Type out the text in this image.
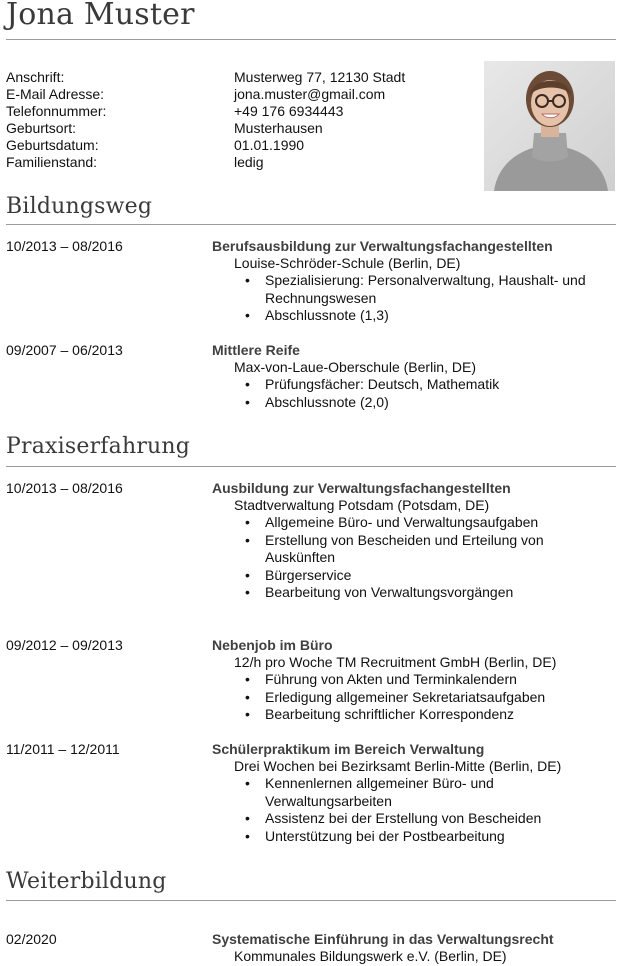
Jona Muster
Anschrift:	Musterweg 77, 12130 Stadt
E-Mail Adresse:	jona.muster@gmail.com
Telefonnummer:	+49 176 6934443
Geburtsort:	Musterhausen
Geburtsdatum:	01.01.1990
Familienstand:	ledig
Bildungsweg
10/2013 – 08/2016	Berufsausbildung zur Verwaltungsfachangestellten
Louise-Schröder-Schule (Berlin, DE)
• Spezialisierung: Personalverwaltung, Haushalt- und Rechnungswesen
• Abschlussnote (1,3)
09/2007 – 06/2013	Mittlere Reife
Max-von-Laue-Oberschule (Berlin, DE)
• Prüfungsfächer: Deutsch, Mathematik
• Abschlussnote (2,0)
Praxiserfahrung
10/2013 – 08/2016	Ausbildung zur Verwaltungsfachangestellten
Stadtverwaltung Potsdam (Potsdam, DE)
• Allgemeine Büro- und Verwaltungsaufgaben
• Erstellung von Bescheiden und Erteilung von Auskünften
• Bürgerservice
• Bearbeitung von Verwaltungsvorgängen
09/2012 – 09/2013	Nebenjob im Büro
12/h pro Woche TM Recruitment GmbH (Berlin, DE)
• Führung von Akten und Terminkalendern
• Erledigung allgemeiner Sekretariatsaufgaben
• Bearbeitung schriftlicher Korrespondenz
11/2011 – 12/2011	Schülerpraktikum im Bereich Verwaltung
Drei Wochen bei Bezirksamt Berlin-Mitte (Berlin, DE)
• Kennenlernen allgemeiner Büro- und Verwaltungsarbeiten
• Assistenz bei der Erstellung von Bescheiden
• Unterstützung bei der Postbearbeitung
Weiterbildung
02/2020	Systematische Einführung in das Verwaltungsrecht
Kommunales Bildungswerk e.V. (Berlin, DE)
